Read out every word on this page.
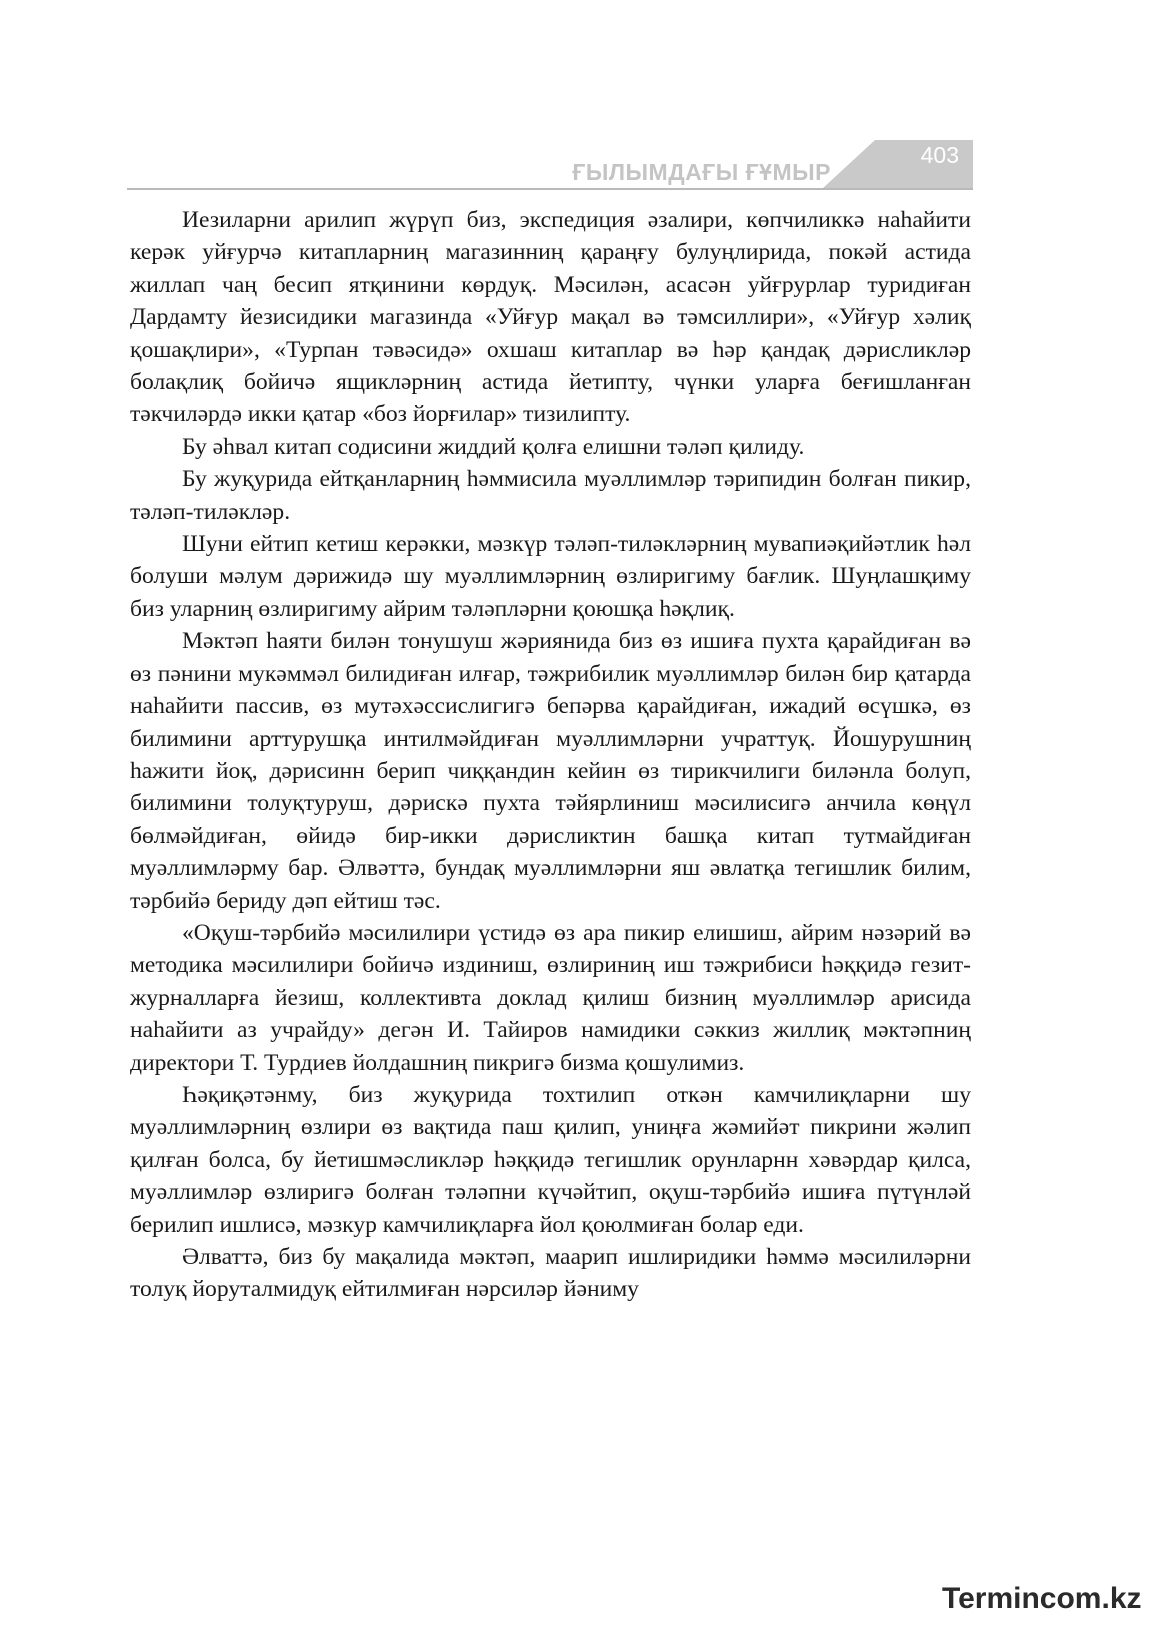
ҒЫЛЫМДАҒЫ ҒҰМЫР
403

Иезиларни арилип жүрүп биз, экспедиция әзалири, көпчиликкә наһайити керәк уйғурчә китапларниң магазинниң қараңғу булуңлирида, покәй астида жиллап чаң бесип ятқинини көрдуқ. Мәсилән, асасән уйғрурлар туридиған Дардамту йезисидики магазинда «Уйғур мақал вә тәмсиллири», «Уйғур хәлиқ қошақлири», «Турпан тәвәсидә» охшаш китаплар вә һәр қандақ дәрисликләр болақлиқ бойичә ящикләрниң астида йетипту, чүнки уларға беғишланған тәкчиләрдә икки қатар «боз йорғилар» тизилипту.

Бу әһвал китап содисини жиддий қолға елишни тәләп қилиду.

Бу жуқурида ейтқанларниң һәммисила муәллимләр тәрипидин болған пикир, тәләп-тиләкләр.

Шуни ейтип кетиш керәкки, мәзкүр тәләп-тиләкләрниң мувапиәқийәтлик һәл болуши мәлум дәрижидә шу муәллимләрниң өзлиригиму бағлик. Шуңлашқиму биз уларниң өзлиригиму айрим тәләпләрни қоюшқа һәқлиқ.

Мәктәп һаяти билән тонушуш жәриянида биз өз ишиға пухта қарайдиған вә өз пәнини мукәммәл билидиған илғар, тәжрибилик муәллимләр билән бир қатарда наһайити пассив, өз мутәхәссислигигә бепәрва қарайдиған, ижадий өсүшкә, өз билимини арттурушқа интилмәйдиған муәллимләрни учраттуқ. Йошурушниң һажити йоқ, дәрисинн берип чиққандин кейин өз тирикчилиги биләнла болуп, билимини толуқтуруш, дәрискә пухта тәйярлиниш мәсилисигә анчила көңүл бөлмәйдиған, өйидә бир-икки дәрисликтин башқа китап тутмайдиған муәллимләрму бар. Әлвәттә, бундақ муәллимләрни яш әвлатқа тегишлик билим, тәрбийә бериду дәп ейтиш тәс.

«Оқуш-тәрбийә мәсилилири үстидә өз ара пикир елишиш, айрим нәзәрий вә методика мәсилилири бойичә издиниш, өзлириниң иш тәжрибиси һәққидә гезит-журналларға йезиш, коллективта доклад қилиш бизниң муәллимләр арисида наһайити аз учрайду» дегән И. Тайиров намидики сәккиз жиллиқ мәктәпниң директори Т. Турдиев йолдашниң пикригә бизма қошулимиз.

Һәқиқәтәнму, биз жуқурида тохтилип откән камчилиқларни шу муәллимләрниң өзлири өз вақтида паш қилип, униңға жәмийәт пикрини жәлип қилған болса, бу йетишмәсликләр һәққидә тегишлик орунларнн хәвәрдар қилса, муәллимләр өзлиригә болған тәләпни күчәйтип, оқуш-тәрбийә ишиға пүтүнләй берилип ишлисә, мәзкур камчилиқларға йол қоюлмиған болар еди.

Әлваттә, биз бу мақалида мәктәп, маарип ишлиридики һәммә мәсилиләрни толуқ йоруталмидуқ ейтилмиған нәрсиләр йәниму

Termincom.kz
